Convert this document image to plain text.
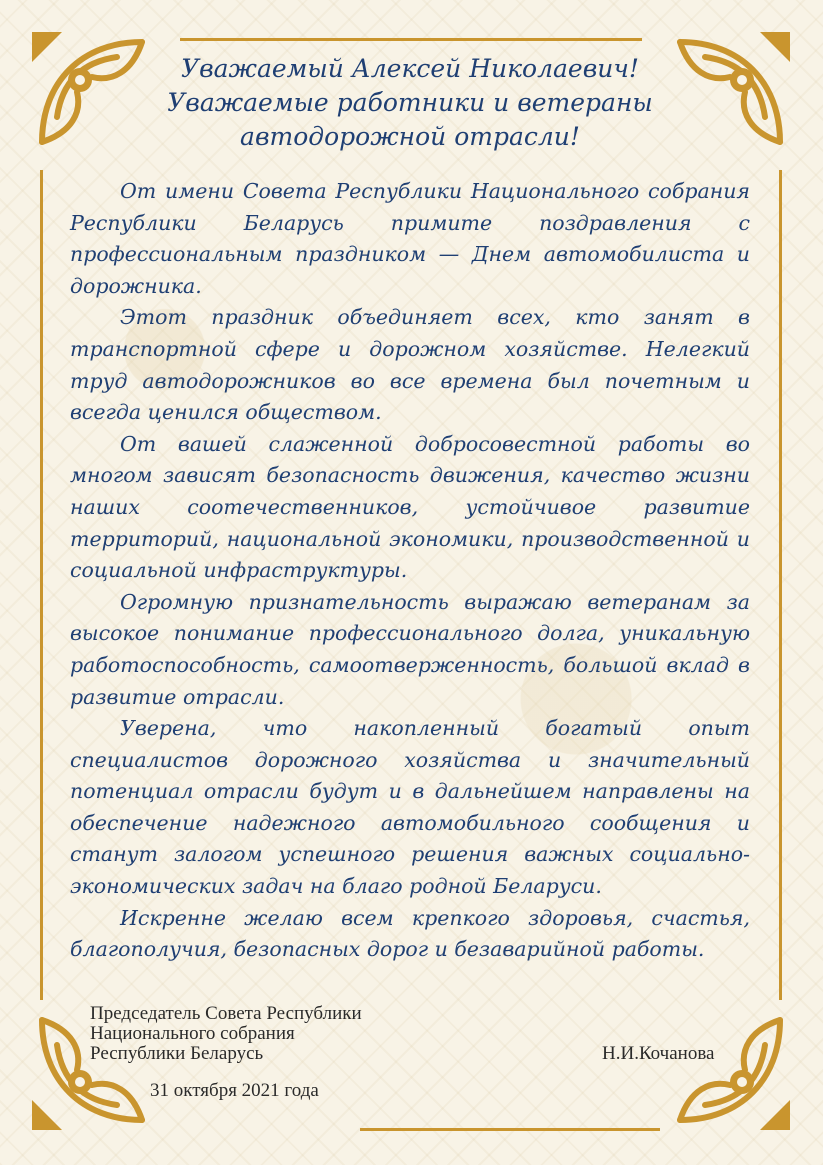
Уважаемый Алексей Николаевич!
Уважаемые работники и ветераны
автодорожной отрасли!

От имени Совета Республики Национального собрания Республики Беларусь примите поздравления с профессиональным праздником — Днем автомобилиста и дорожника.

Этот праздник объединяет всех, кто занят в транспортной сфере и дорожном хозяйстве. Нелегкий труд автодорожников во все времена был почетным и всегда ценился обществом.

От вашей слаженной добросовестной работы во многом зависят безопасность движения, качество жизни наших соотечественников, устойчивое развитие территорий, национальной экономики, производственной и социальной инфраструктуры.

Огромную признательность выражаю ветеранам за высокое понимание профессионального долга, уникальную работоспособность, самоотверженность, большой вклад в развитие отрасли.

Уверена, что накопленный богатый опыт специалистов дорожного хозяйства и значительный потенциал отрасли будут и в дальнейшем направлены на обеспечение надежного автомобильного сообщения и станут залогом успешного решения важных социально-экономических задач на благо родной Беларуси.

Искренне желаю всем крепкого здоровья, счастья, благополучия, безопасных дорог и безаварийной работы.

Председатель Совета Республики
Национального собрания
Республики Беларусь	Н.И.Кочанова
31 октября 2021 года
